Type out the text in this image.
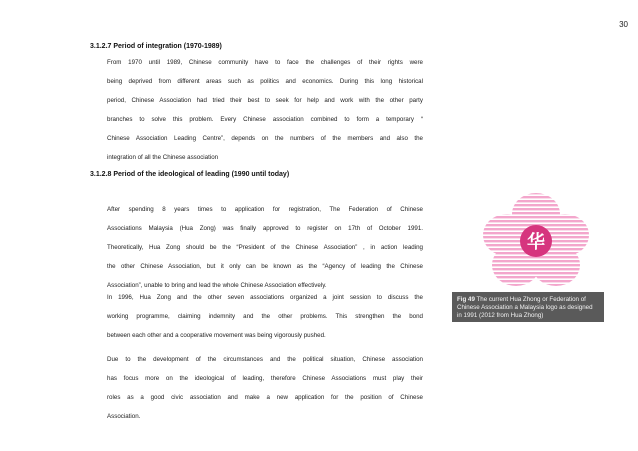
30
3.1.2.7 Period of integration (1970-1989)
From 1970 until 1989, Chinese community have to face the challenges of their rights were
being deprived from different areas such as politics and economics. During this long historical
period, Chinese Association had tried their best to seek for help and work with the other party
branches to solve this problem. Every Chinese association combined to form a temporary “
Chinese Association Leading Centre”, depends on the numbers of the members and also the
integration of all the Chinese association
3.1.2.8 Period of the ideological of leading (1990 until today)
After spending 8 years times to application for registration, The Federation of Chinese
Associations Malaysia (Hua Zong) was finally approved to register on 17th of October 1991.
Theoretically, Hua Zong should be the “President of the Chinese Association” , in action leading
the other Chinese Association, but it only can be known as the “Agency of leading the Chinese
Association”, unable to bring and lead the whole Chinese Association effectively.
In 1996, Hua Zong and the other seven associations organized a joint session to discuss the
working programme, claiming indemnity and the other problems. This strengthen the bond
between each other and a cooperative movement was being vigorously pushed.
Due to the development of the circumstances and the political situation, Chinese association
has focus more on the ideological of leading, therefore Chinese Associations must play their
roles as a good civic association and make a new application for the position of Chinese
Association.
华
Fig 49 The current Hua Zhong or Federation of Chinese Association a Malaysia logo as designed in 1991 (2012 from Hua Zhong)
